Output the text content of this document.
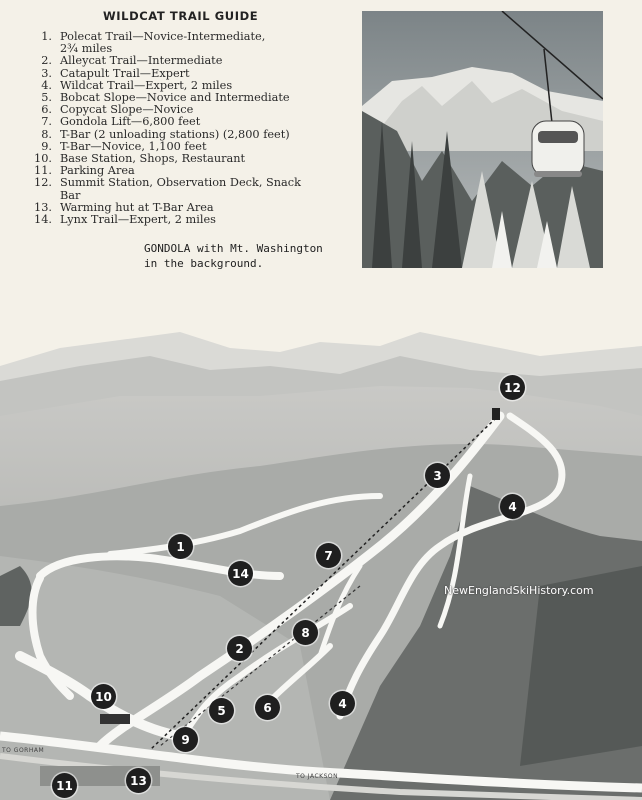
WILDCAT TRAIL GUIDE
1. Polecat Trail—Novice-Intermediate,
2¾ miles
2. Alleycat Trail—Intermediate
3. Catapult Trail—Expert
4. Wildcat Trail—Expert, 2 miles
5. Bobcat Slope—Novice and Intermediate
6. Copycat Slope—Novice
7. Gondola Lift—6,800 feet
8. T-Bar (2 unloading stations) (2,800 feet)
9. T-Bar—Novice, 1,100 feet
10. Base Station, Shops, Restaurant
11. Parking Area
12. Summit Station, Observation Deck, Snack
Bar
13. Warming hut at T-Bar Area
14. Lynx Trail—Expert, 2 miles
GONDOLA with Mt. Washington
in the background.
TO GORHAM
TO JACKSON
1
2
3
4
4
5	6
7
8
9
10
11
12
13
14
NewEnglandSkiHistory.com
